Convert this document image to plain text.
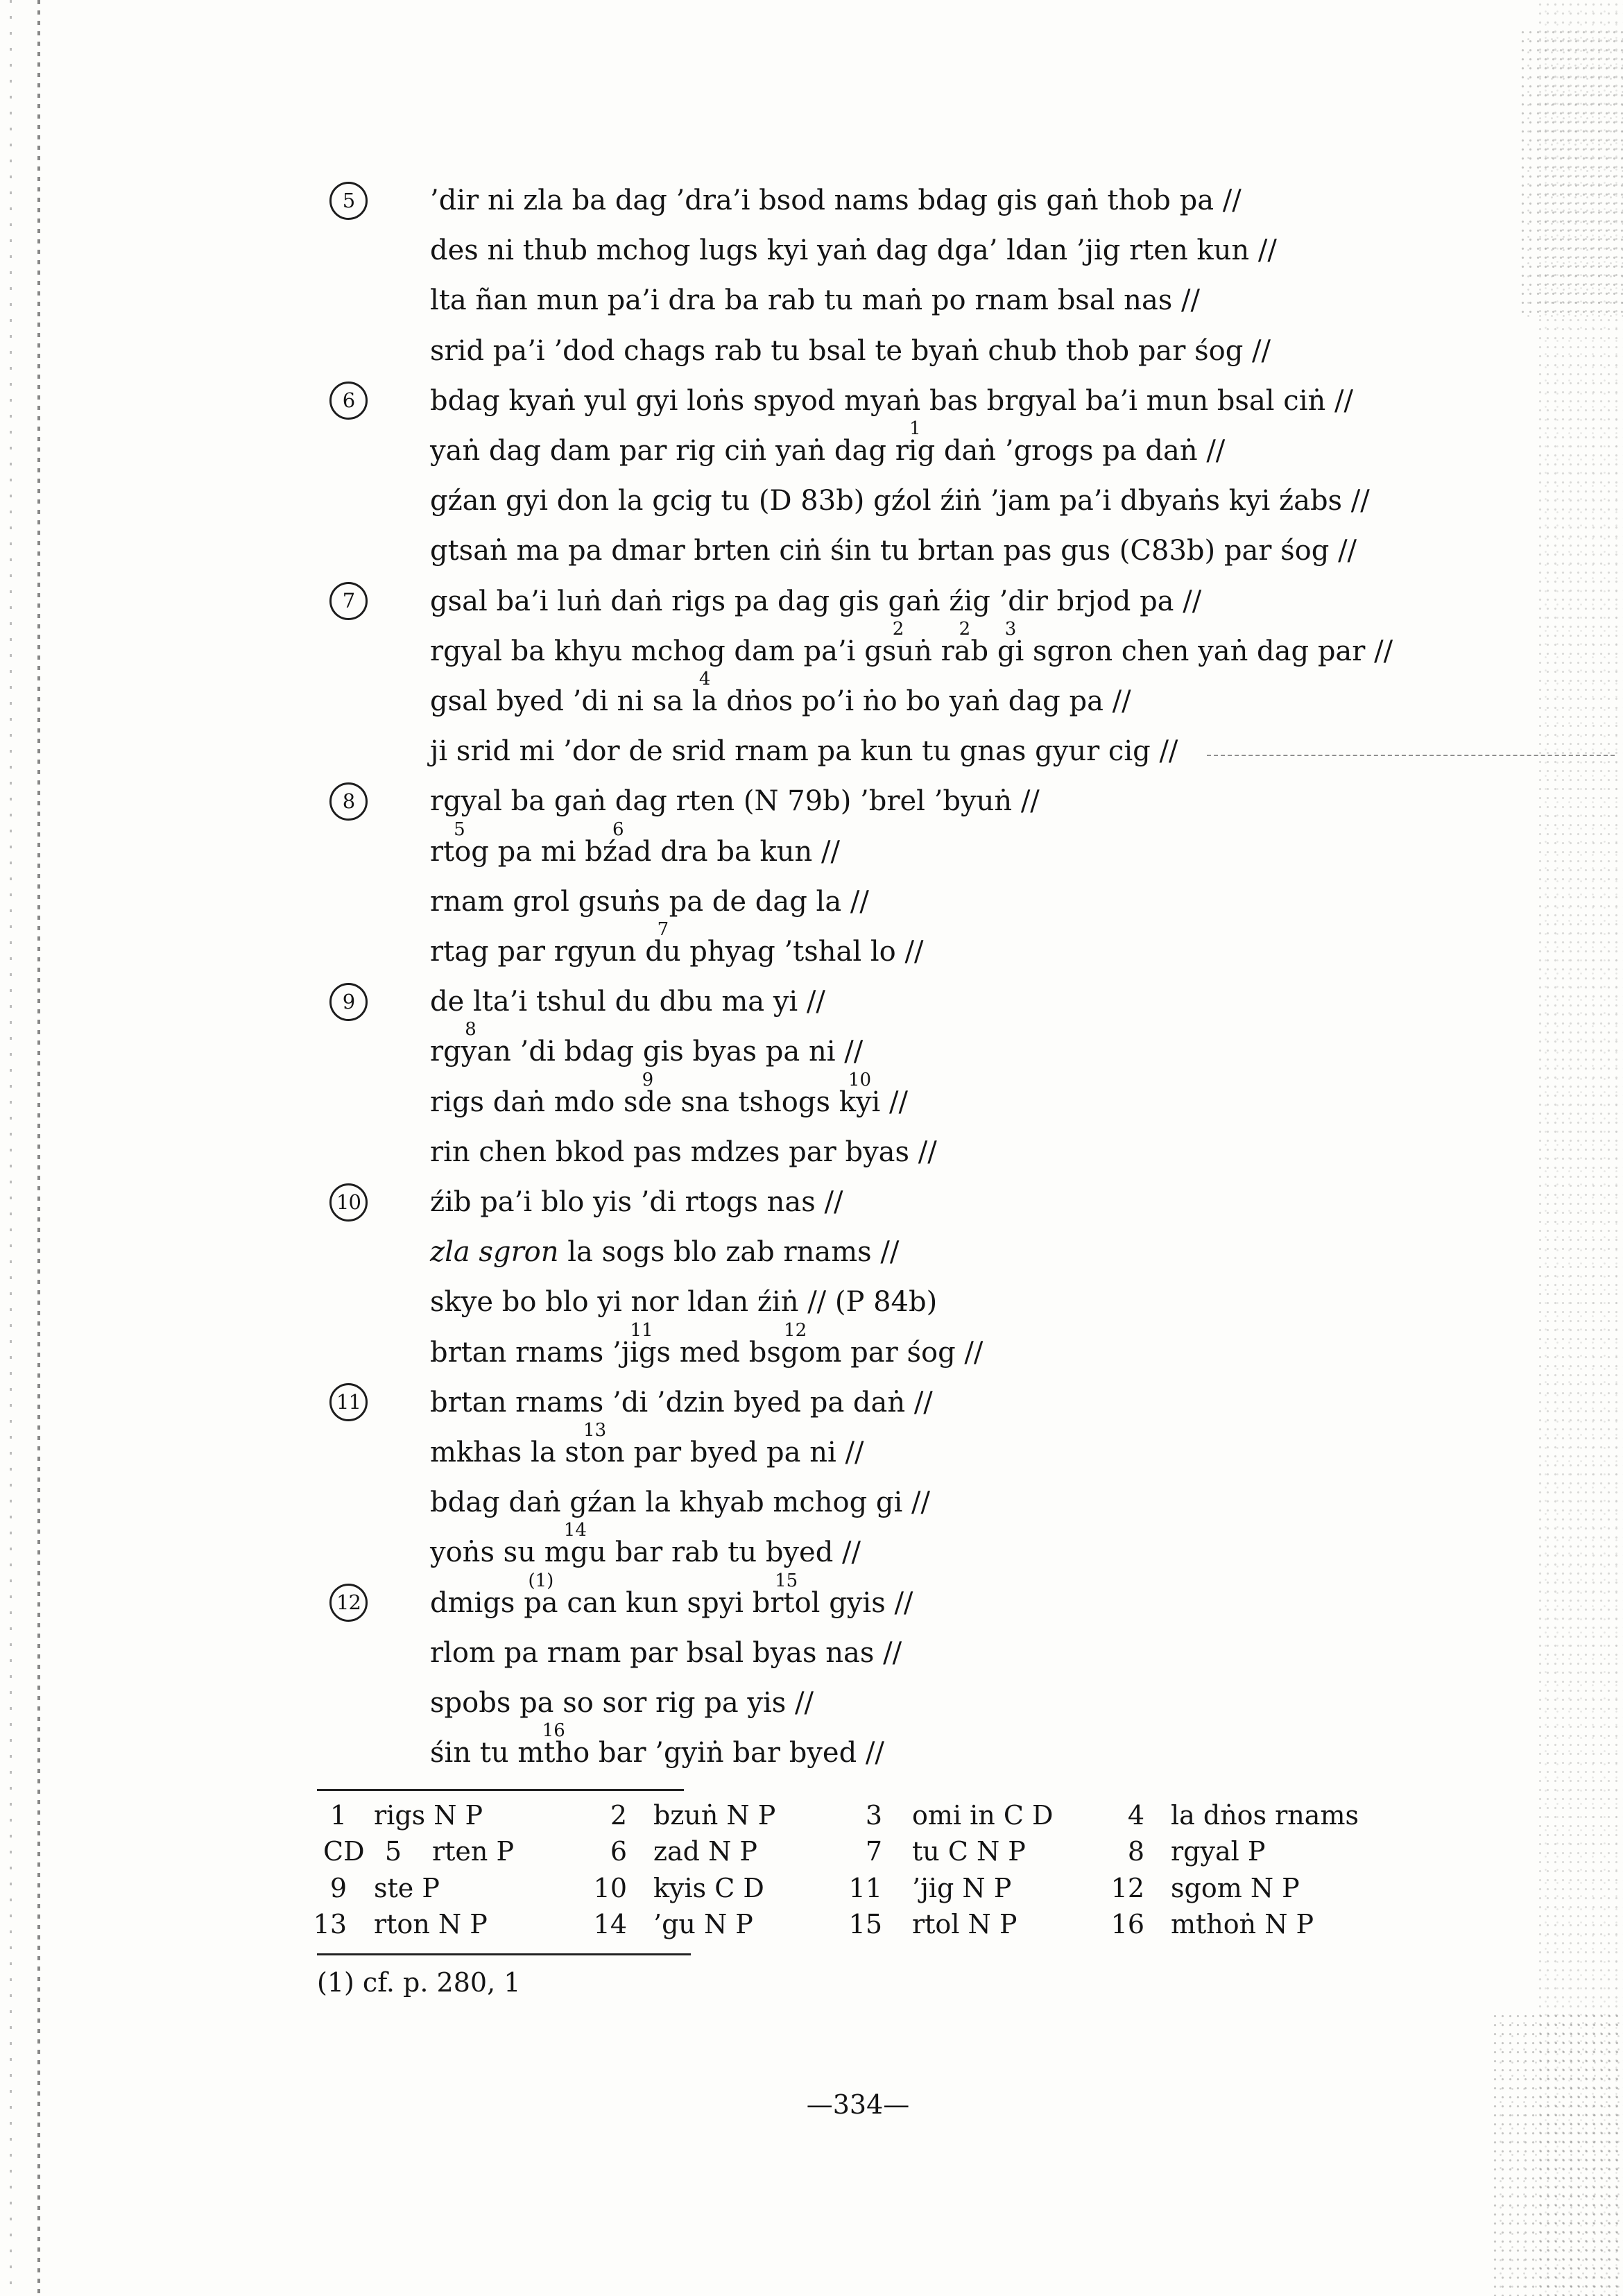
5	’dir ni zla ba dag ’dra’i bsod nams bdag gis gaṅ thob pa //
des ni thub mchog lugs kyi yaṅ dag dga’ ldan ’jig rten kun //
lta ñan mun pa’i dra ba rab tu maṅ po rnam bsal nas //
srid pa’i ’dod chags rab tu bsal te byaṅ chub thob par śog //
6	bdag kyaṅ yul gyi loṅs spyod myaṅ bas brgyal ba’i mun bsal ciṅ //
yaṅ dag dam par rig ciṅ yaṅ dag rig
1
daṅ ’grogs pa daṅ //
gźan gyi don la gcig tu (D 83b) gźol źiṅ ’jam pa’i dbyaṅs kyi źabs //
gtsaṅ ma pa dmar brten ciṅ śin tu brtan pas gus (C83b) par śog //
7	gsal ba’i luṅ daṅ rigs pa dag gis gaṅ źig ’dir brjod pa //
rgyal ba khyu mchog dam pa’i gsuṅ
2
rab
2
gi
3
sgron chen yaṅ dag par //
gsal byed ’di ni sa la
4
dṅos po’i ṅo bo yaṅ dag pa //
ji srid mi ’dor de srid rnam pa kun tu gnas gyur cig //
8	rgyal ba gaṅ dag rten (N 79b) ’brel ’byuṅ //
rtog
5
pa mi bźad
6
dra ba kun //
rnam grol gsuṅs pa de dag la //
rtag par rgyun du
7
phyag ’tshal lo //
9	de lta’i tshul du dbu ma yi //
rgyan
8
’di bdag gis byas pa ni //
rigs daṅ mdo sde
9
sna tshogs kyi
10
//
rin chen bkod pas mdzes par byas //
10	źib pa’i blo yis ’di rtogs nas //
zla sgron la sogs blo zab rnams //
skye bo blo yi nor ldan źiṅ // (P 84b)
brtan rnams ’jigs
11
med bsgom
12
par śog //
11	brtan rnams ’di ’dzin byed pa daṅ //
mkhas la ston
13
par byed pa ni //
bdag daṅ gźan la khyab mchog gi //
yoṅs su mgu
14
bar rab tu byed //
12	dmigs pa
(1)
can kun spyi brtol
15
gyis //
rlom pa rnam par bsal byas nas //
spobs pa so sor rig pa yis //
śin tu mtho
16
bar ’gyiṅ bar byed //
1 rigs N P	2 bzuṅ N P	3 omi in C D	4 la dṅos rnams
CD 5 rten P	6 zad N P	7 tu C N P	8 rgyal P
9 ste P	10 kyis C D	11 ’jig N P	12 sgom N P
13 rton N P	14 ’gu N P	15 rtol N P	16 mthoṅ N P
(1) cf. p. 280, 1
—334—
